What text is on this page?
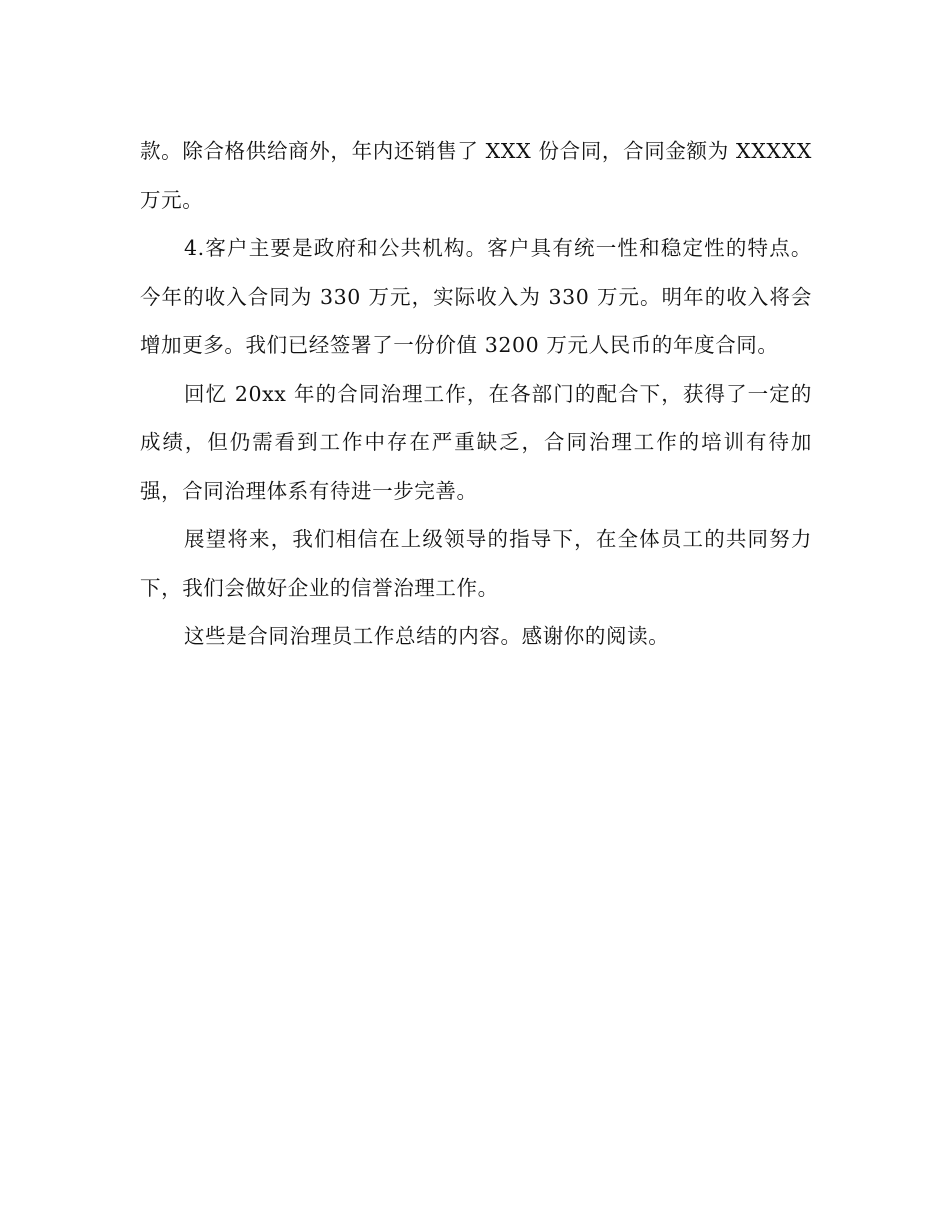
款。除合格供给商外，年内还销售了 XXX 份合同，合同金额为 XXXXX 万元。

4.客户主要是政府和公共机构。客户具有统一性和稳定性的特点。今年的收入合同为 330 万元，实际收入为 330 万元。明年的收入将会增加更多。我们已经签署了一份价值 3200 万元人民币的年度合同。

回忆 20xx 年的合同治理工作，在各部门的配合下，获得了一定的成绩，但仍需看到工作中存在严重缺乏，合同治理工作的培训有待加强，合同治理体系有待进一步完善。

展望将来，我们相信在上级领导的指导下，在全体员工的共同努力下，我们会做好企业的信誉治理工作。

这些是合同治理员工作总结的内容。感谢你的阅读。
